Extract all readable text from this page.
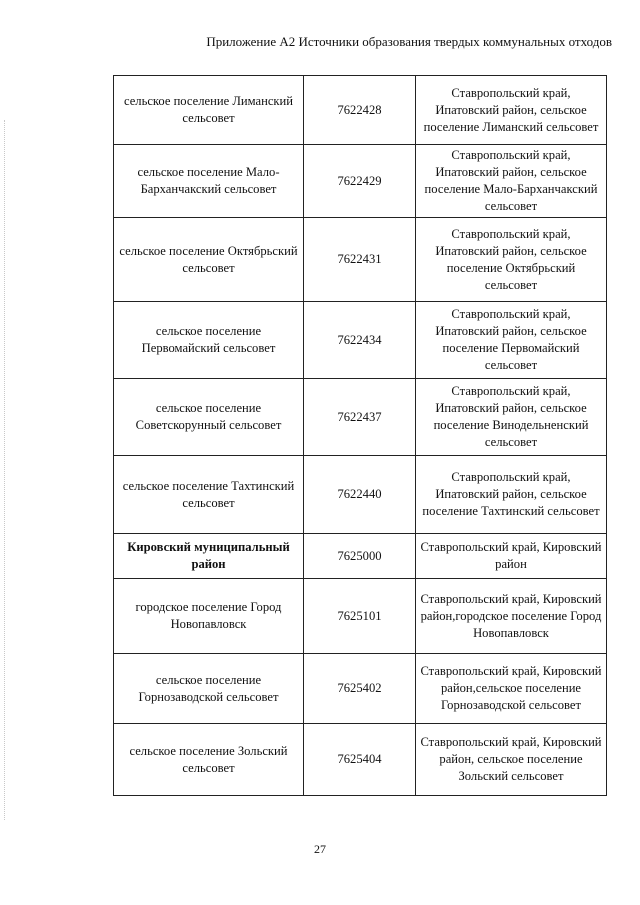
Приложение А2 Источники образования твердых коммунальных отходов
сельское поселение Лиманский сельсовет	7622428	Ставропольский край, Ипатовский район, сельское поселение Лиманский сельсовет
сельское поселение Мало-Барханчакский сельсовет	7622429	Ставропольский край, Ипатовский район, сельское поселение Мало-Барханчакский сельсовет
сельское поселение Октябрьский сельсовет	7622431	Ставропольский край, Ипатовский район, сельское поселение Октябрьский сельсовет
сельское поселение Первомайский сельсовет	7622434	Ставропольский край, Ипатовский район, сельское поселение Первомайский сельсовет
сельское поселение Советскорунный сельсовет	7622437	Ставропольский край, Ипатовский район, сельское поселение Винодельненский сельсовет
сельское поселение Тахтинский сельсовет	7622440	Ставропольский край, Ипатовский район, сельское поселение Тахтинский сельсовет
Кировский муниципальный район	7625000	Ставропольский край, Кировский район
городское поселение Город Новопавловск	7625101	Ставропольский край, Кировский район,городское поселение Город Новопавловск
сельское поселение Горнозаводской сельсовет	7625402	Ставропольский край, Кировский район,сельское поселение Горнозаводской сельсовет
сельское поселение Зольский сельсовет	7625404	Ставропольский край, Кировский район, сельское поселение Зольский сельсовет
27
